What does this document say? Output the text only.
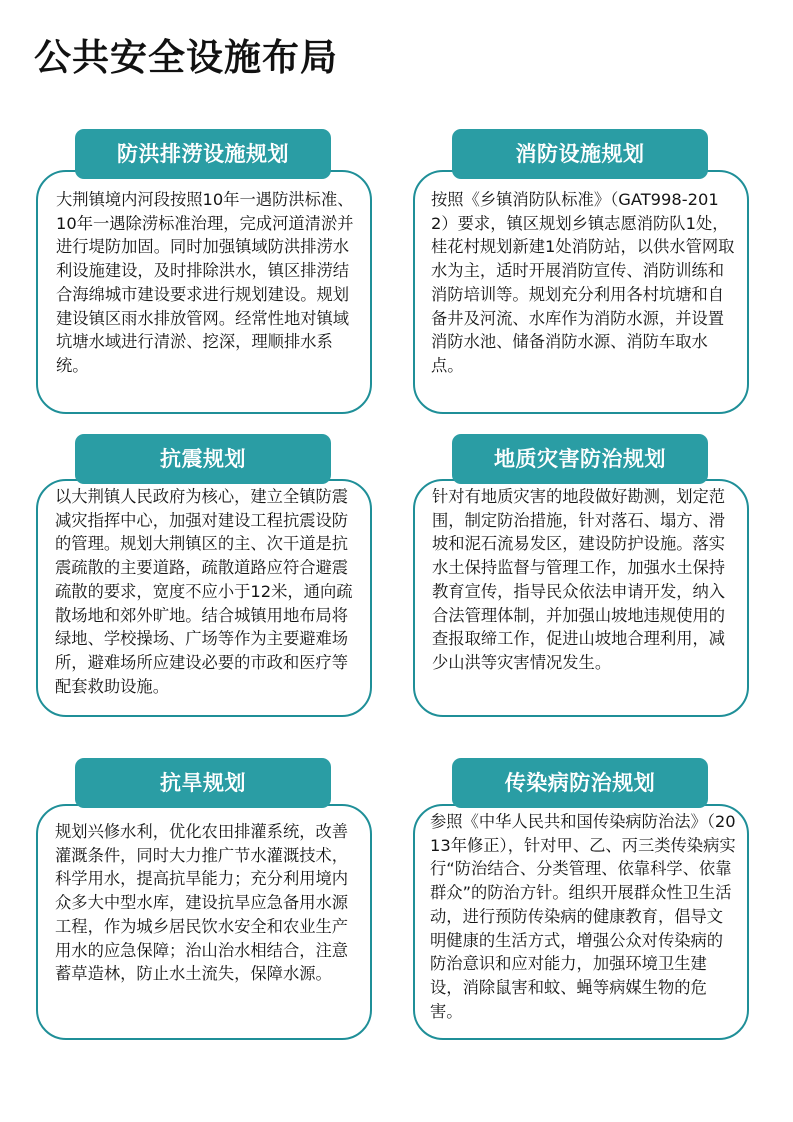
公共安全设施布局
防洪排涝设施规划

大荆镇境内河段按照10年一遇防洪标准、10年一遇除涝标准治理，完成河道清淤并进行堤防加固。同时加强镇域防洪排涝水利设施建设，及时排除洪水，镇区排涝结合海绵城市建设要求进行规划建设。规划建设镇区雨水排放管网。经常性地对镇域坑塘水域进行清淤、挖深，理顺排水系统。

消防设施规划

按照《乡镇消防队标准》（GAT998-2012）要求，镇区规划乡镇志愿消防队1处，桂花村规划新建1处消防站，以供水管网取水为主，适时开展消防宣传、消防训练和消防培训等。规划充分利用各村坑塘和自备井及河流、水库作为消防水源，并设置消防水池、储备消防水源、消防车取水点。

抗震规划

以大荆镇人民政府为核心，建立全镇防震减灾指挥中心，加强对建设工程抗震设防的管理。规划大荆镇区的主、次干道是抗震疏散的主要道路，疏散道路应符合避震疏散的要求，宽度不应小于12米，通向疏散场地和郊外旷地。结合城镇用地布局将绿地、学校操场、广场等作为主要避难场所，避难场所应建设必要的市政和医疗等配套救助设施。

地质灾害防治规划

针对有地质灾害的地段做好勘测，划定范围，制定防治措施，针对落石、塌方、滑坡和泥石流易发区，建设防护设施。落实水土保持监督与管理工作，加强水土保持教育宣传，指导民众依法申请开发，纳入合法管理体制，并加强山坡地违规使用的查报取缔工作，促进山坡地合理利用，减少山洪等灾害情况发生。

抗旱规划

规划兴修水利，优化农田排灌系统，改善灌溉条件，同时大力推广节水灌溉技术，科学用水，提高抗旱能力；充分利用境内众多大中型水库，建设抗旱应急备用水源工程，作为城乡居民饮水安全和农业生产用水的应急保障；治山治水相结合，注意蓄草造林，防止水土流失，保障水源。

传染病防治规划

参照《中华人民共和国传染病防治法》（2013年修正），针对甲、乙、丙三类传染病实行“防治结合、分类管理、依靠科学、依靠群众”的防治方针。组织开展群众性卫生活动，进行预防传染病的健康教育，倡导文明健康的生活方式，增强公众对传染病的防治意识和应对能力，加强环境卫生建设，消除鼠害和蚊、蝇等病媒生物的危害。
